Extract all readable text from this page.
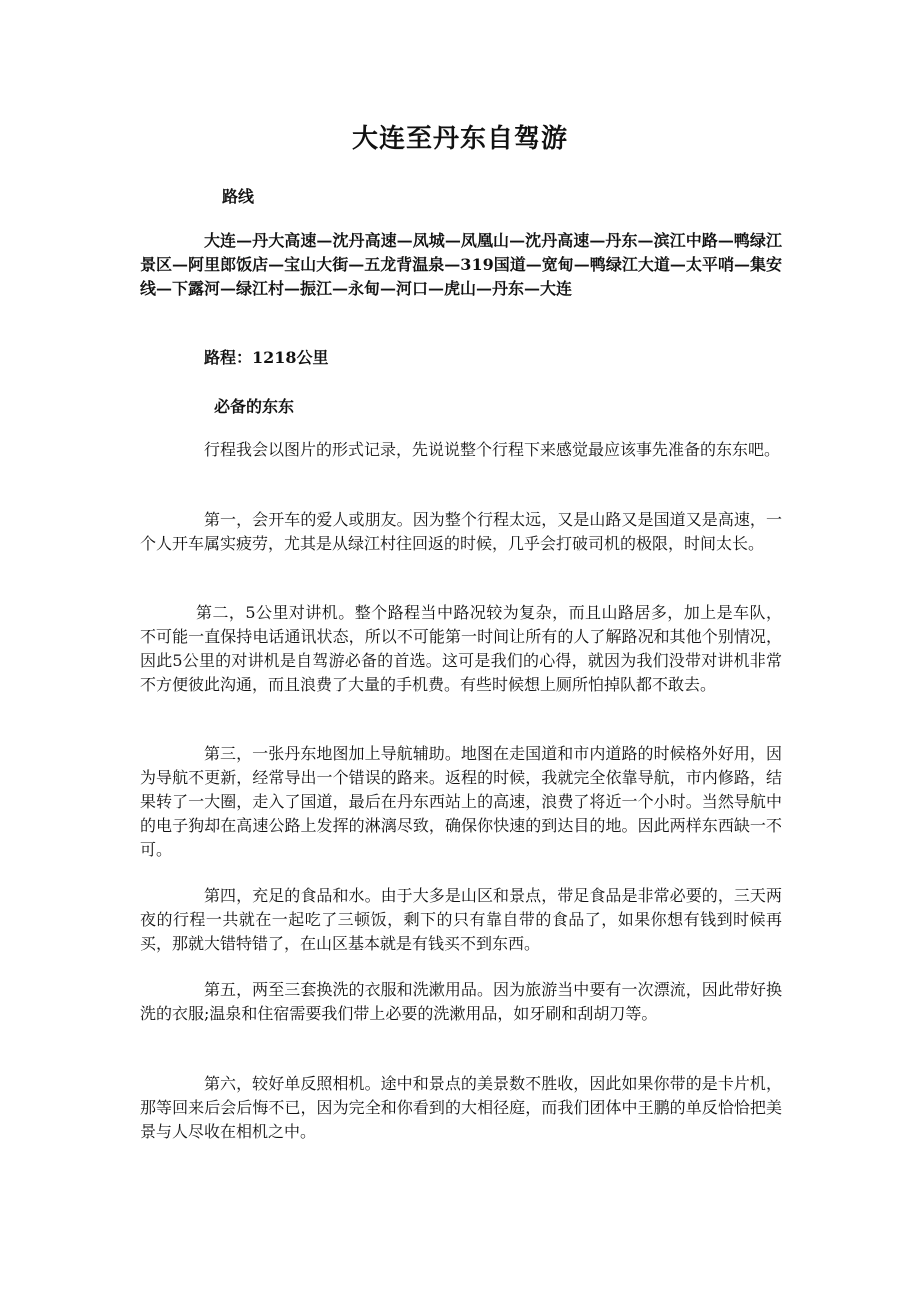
大连至丹东自驾游
路线

大连—丹大高速—沈丹高速—凤城—凤凰山—沈丹高速—丹东—滨江中路—鸭绿江景区—阿里郎饭店—宝山大街—五龙背温泉—319国道—宽甸—鸭绿江大道—太平哨—集安线—下露河—绿江村—振江—永甸—河口—虎山—丹东—大连

路程：1218公里

必备的东东

行程我会以图片的形式记录，先说说整个行程下来感觉最应该事先准备的东东吧。

第一，会开车的爱人或朋友。因为整个行程太远，又是山路又是国道又是高速，一个人开车属实疲劳，尤其是从绿江村往回返的时候，几乎会打破司机的极限，时间太长。

第二，5公里对讲机。整个路程当中路况较为复杂，而且山路居多，加上是车队，不可能一直保持电话通讯状态，所以不可能第一时间让所有的人了解路况和其他个别情况，因此5公里的对讲机是自驾游必备的首选。这可是我们的心得，就因为我们没带对讲机非常不方便彼此沟通，而且浪费了大量的手机费。有些时候想上厕所怕掉队都不敢去。

第三，一张丹东地图加上导航辅助。地图在走国道和市内道路的时候格外好用，因为导航不更新，经常导出一个错误的路来。返程的时候，我就完全依靠导航，市内修路，结果转了一大圈，走入了国道，最后在丹东西站上的高速，浪费了将近一个小时。当然导航中的电子狗却在高速公路上发挥的淋漓尽致，确保你快速的到达目的地。因此两样东西缺一不可。

第四，充足的食品和水。由于大多是山区和景点，带足食品是非常必要的，三天两夜的行程一共就在一起吃了三顿饭，剩下的只有靠自带的食品了，如果你想有钱到时候再买，那就大错特错了，在山区基本就是有钱买不到东西。

第五，两至三套换洗的衣服和洗漱用品。因为旅游当中要有一次漂流，因此带好换洗的衣服;温泉和住宿需要我们带上必要的洗漱用品，如牙刷和刮胡刀等。

第六，较好单反照相机。途中和景点的美景数不胜收，因此如果你带的是卡片机，那等回来后会后悔不已，因为完全和你看到的大相径庭，而我们团体中王鹏的单反恰恰把美景与人尽收在相机之中。
